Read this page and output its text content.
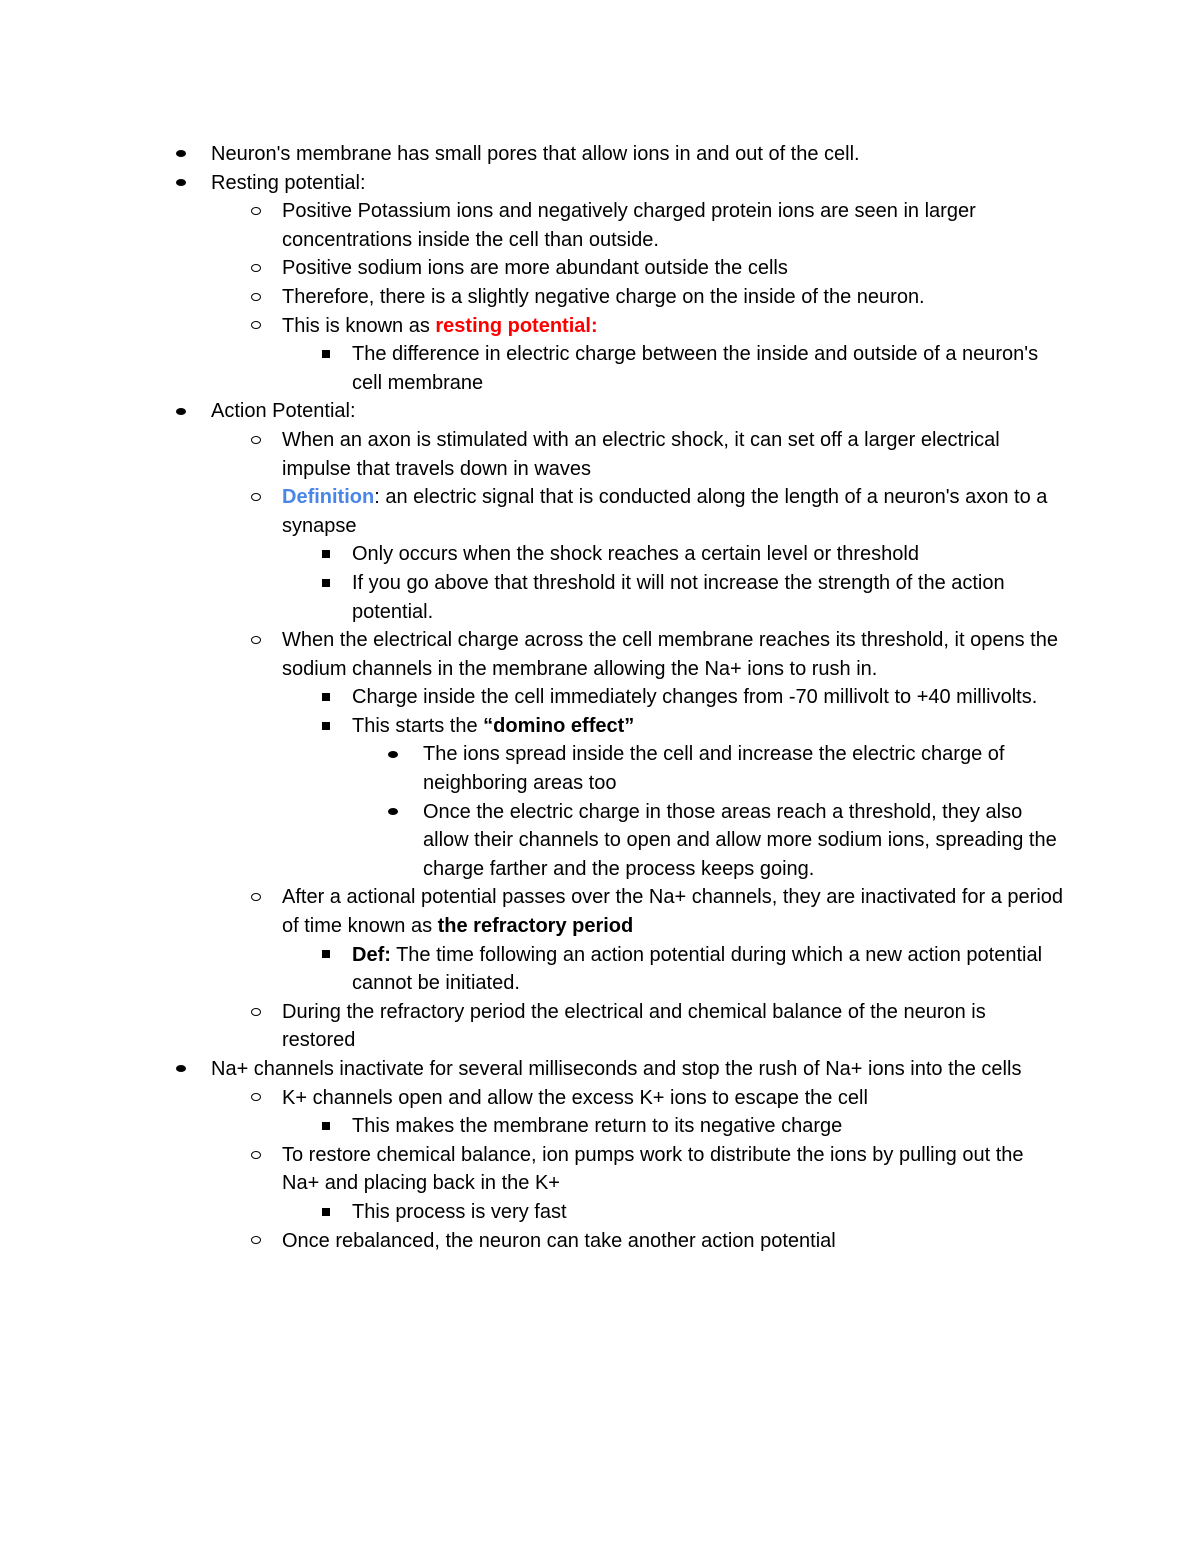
Neuron's membrane has small pores that allow ions in and out of the cell.
Resting potential:
Positive Potassium ions and negatively charged protein ions are seen in larger concentrations inside the cell than outside.
Positive sodium ions are more abundant outside the cells
Therefore, there is a slightly negative charge on the inside of the neuron.
This is known as resting potential:
The difference in electric charge between the inside and outside of a neuron's cell membrane
Action Potential:
When an axon is stimulated with an electric shock, it can set off a larger electrical impulse that travels down in waves
Definition: an electric signal that is conducted along the length of a neuron's axon to a synapse
Only occurs when the shock reaches a certain level or threshold
If you go above that threshold it will not increase the strength of the action potential.
When the electrical charge across the cell membrane reaches its threshold, it opens the sodium channels in the membrane allowing the Na+ ions to rush in.
Charge inside the cell immediately changes from -70 millivolt to +40 millivolts.
This starts the “domino effect”
The ions spread inside the cell and increase the electric charge of neighboring areas too
Once the electric charge in those areas reach a threshold, they also allow their channels to open and allow more sodium ions, spreading the charge farther and the process keeps going.
After a actional potential passes over the Na+ channels, they are inactivated for a period of time known as the refractory period
Def: The time following an action potential during which a new action potential cannot be initiated.
During the refractory period the electrical and chemical balance of the neuron is restored
Na+ channels inactivate for several milliseconds and stop the rush of Na+ ions into the cells
K+ channels open and allow the excess K+ ions to escape the cell
This makes the membrane return to its negative charge
To restore chemical balance, ion pumps work to distribute the ions by pulling out the Na+ and placing back in the K+
This process is very fast
Once rebalanced, the neuron can take another action potential
